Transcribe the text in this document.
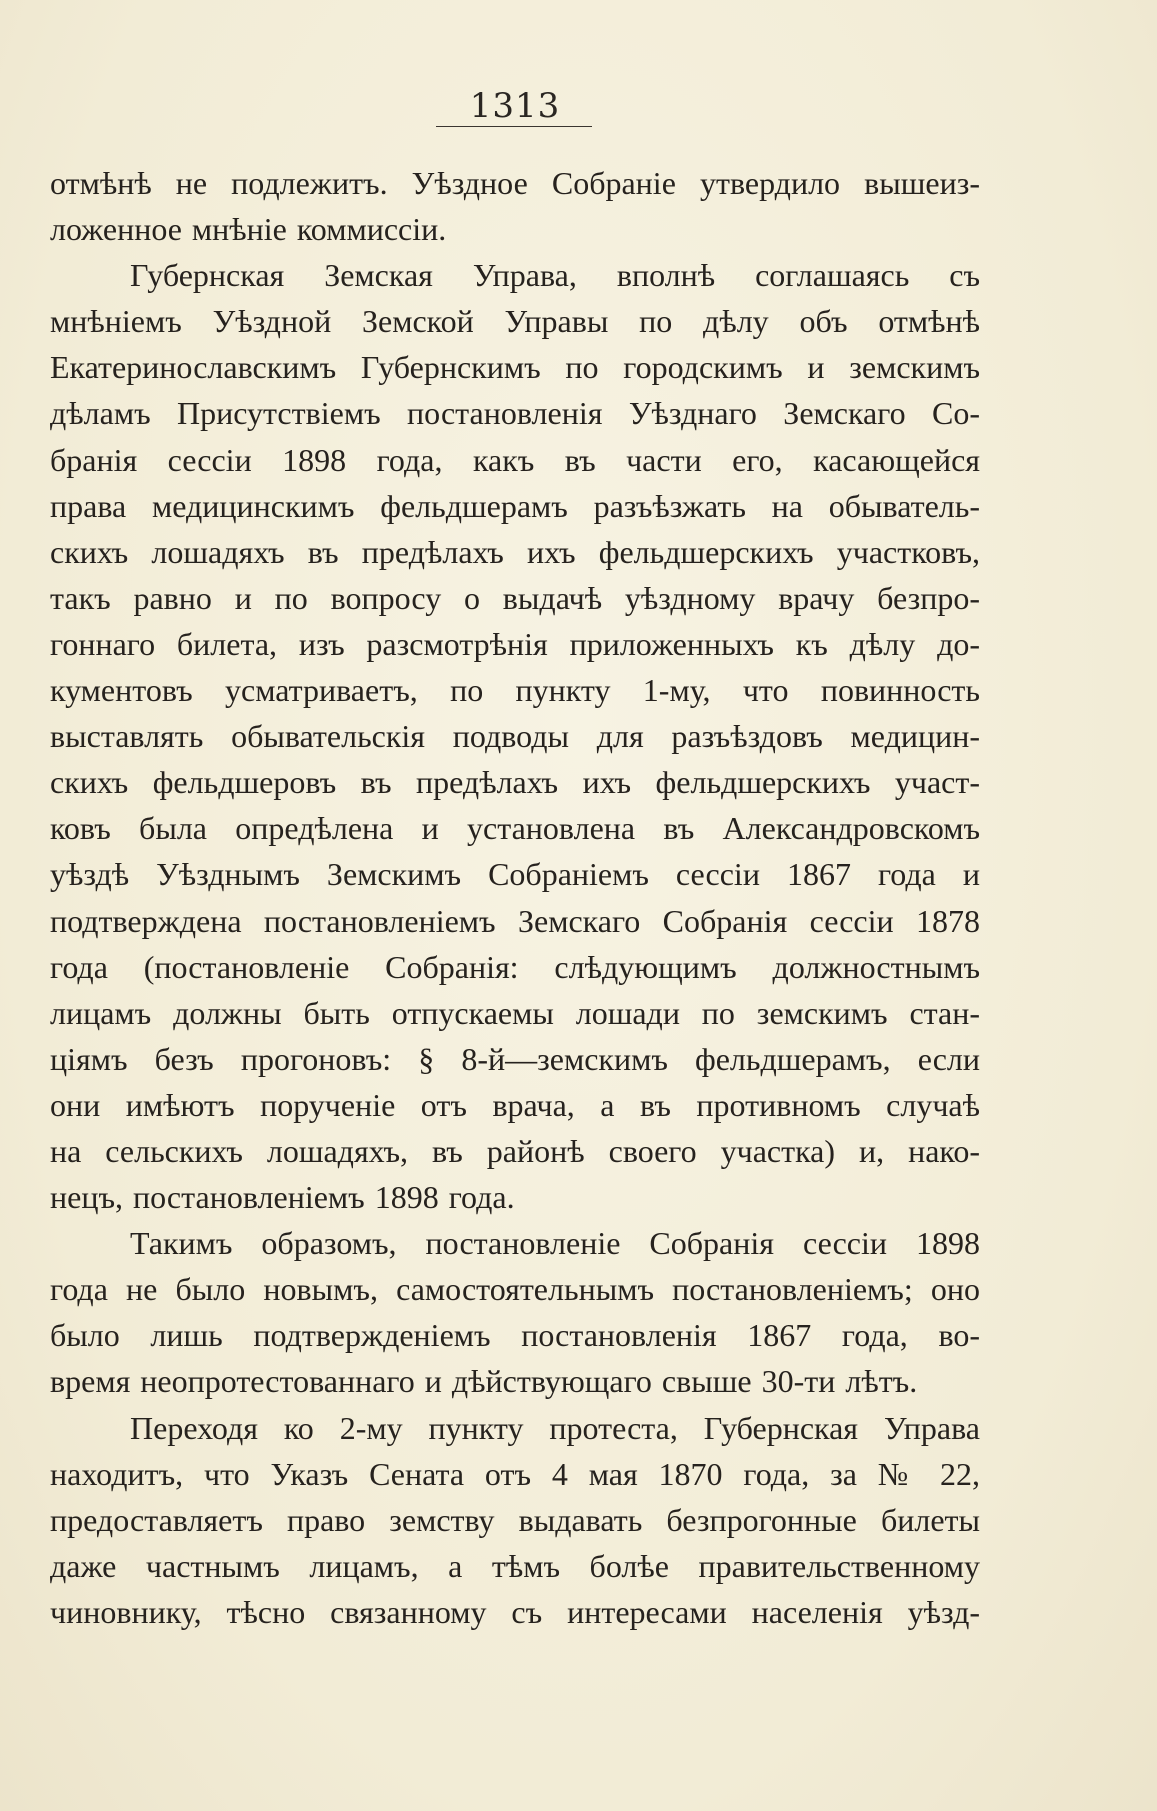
1313
отмѣнѣ не подлежитъ. Уѣздное Собраніе утвердило вышеиз-
ложенное мнѣніе коммиссіи.
Губернская Земская Управа, вполнѣ соглашаясь съ
мнѣніемъ Уѣздной Земской Управы по дѣлу объ отмѣнѣ
Екатеринославскимъ Губернскимъ по городскимъ и земскимъ
дѣламъ Присутствіемъ постановленія Уѣзднаго Земскаго Со-
бранія сессіи 1898 года, какъ въ части его, касающейся
права медицинскимъ фельдшерамъ разъѣзжать на обыватель-
скихъ лошадяхъ въ предѣлахъ ихъ фельдшерскихъ участковъ,
такъ равно и по вопросу о выдачѣ уѣздному врачу безпро-
гоннаго билета, изъ разсмотрѣнія приложенныхъ къ дѣлу до-
кументовъ усматриваетъ, по пункту 1-му, что повинность
выставлять обывательскія подводы для разъѣздовъ медицин-
скихъ фельдшеровъ въ предѣлахъ ихъ фельдшерскихъ участ-
ковъ была опредѣлена и установлена въ Александровскомъ
уѣздѣ Уѣзднымъ Земскимъ Собраніемъ сессіи 1867 года и
подтверждена постановленіемъ Земскаго Собранія сессіи 1878
года (постановленіе Собранія: слѣдующимъ должностнымъ
лицамъ должны быть отпускаемы лошади по земскимъ стан-
ціямъ безъ прогоновъ: § 8-й—земскимъ фельдшерамъ, если
они имѣютъ порученіе отъ врача, а въ противномъ случаѣ
на сельскихъ лошадяхъ, въ районѣ своего участка) и, нако-
нецъ, постановленіемъ 1898 года.
Такимъ образомъ, постановленіе Собранія сессіи 1898
года не было новымъ, самостоятельнымъ постановленіемъ; оно
было лишь подтвержденіемъ постановленія 1867 года, во-
время неопротестованнаго и дѣйствующаго свыше 30-ти лѣтъ.
Переходя ко 2-му пункту протеста, Губернская Управа
находитъ, что Указъ Сената отъ 4 мая 1870 года, за № 22,
предоставляетъ право земству выдавать безпрогонные билеты
даже частнымъ лицамъ, а тѣмъ болѣе правительственному
чиновнику, тѣсно связанному съ интересами населенія уѣзд-
